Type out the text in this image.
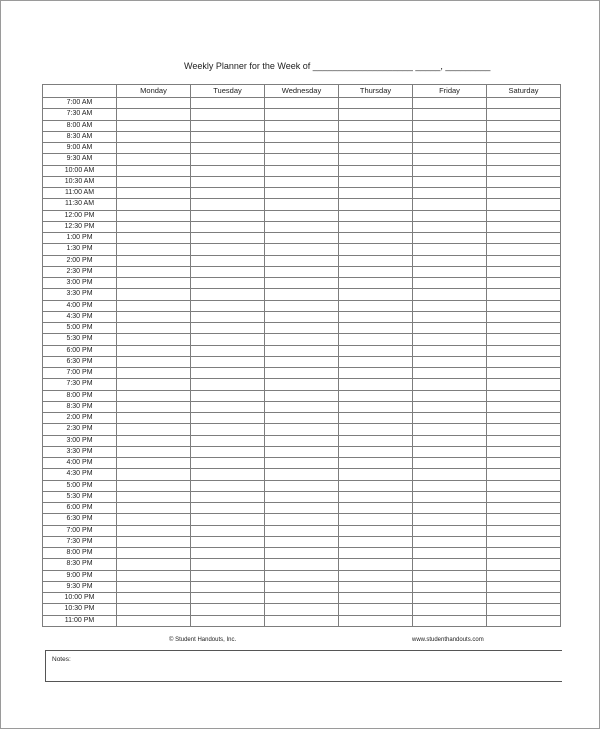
Weekly Planner for the Week of ____________________ _____, _________
	Monday	Tuesday	Wednesday	Thursday	Friday	Saturday
7:00 AM						
7:30 AM						
8:00 AM						
8:30 AM						
9:00 AM						
9:30 AM						
10:00 AM						
10:30 AM						
11:00 AM						
11:30 AM						
12:00 PM						
12:30 PM						
1:00 PM						
1:30 PM						
2:00 PM						
2:30 PM						
3:00 PM						
3:30 PM						
4:00 PM						
4:30 PM						
5:00 PM						
5:30 PM						
6:00 PM						
6:30 PM						
7:00 PM						
7:30 PM						
8:00 PM						
8:30 PM						
2:00 PM						
2:30 PM						
3:00 PM						
3:30 PM						
4:00 PM						
4:30 PM						
5:00 PM						
5:30 PM						
6:00 PM						
6:30 PM						
7:00 PM						
7:30 PM						
8:00 PM						
8:30 PM						
9:00 PM						
9:30 PM						
10:00 PM						
10:30 PM						
11:00 PM						
© Student Handouts, Inc.	www.studenthandouts.com
Notes:
